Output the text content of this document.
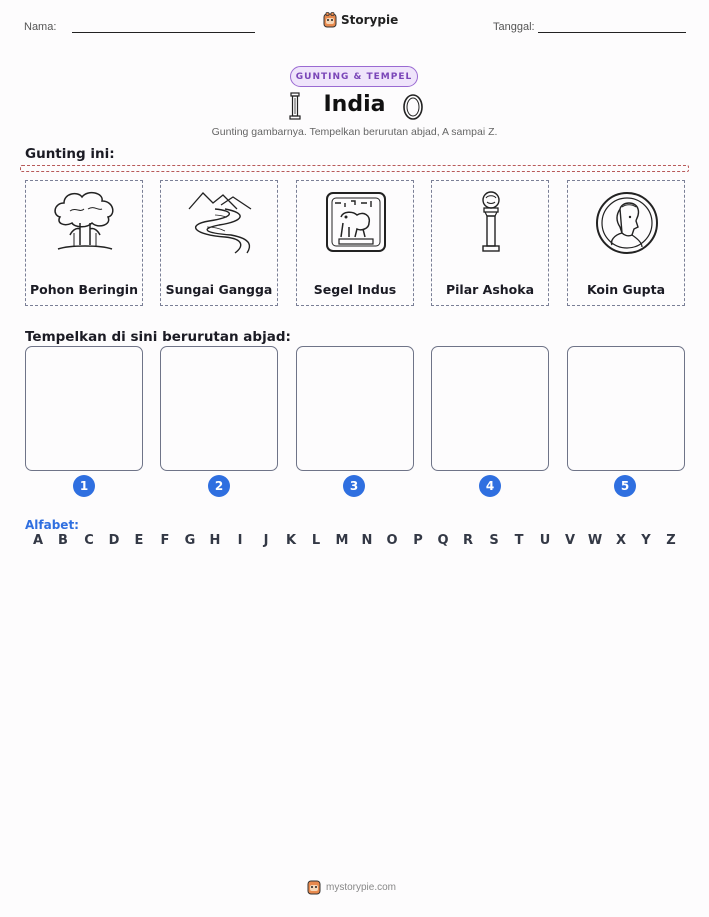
Nama:	Storypie	Tanggal:
GUNTING & TEMPEL
India
Gunting gambarnya. Tempelkan berurutan abjad, A sampai Z.
Gunting ini:
Pohon Beringin	Sungai Gangga	Segel Indus	Pilar Ashoka	Koin Gupta
Tempelkan di sini berurutan abjad:
1	2	3	4	5
Alfabet:
A	B	C	D	E	F	G	H	I	J	K	L	M	N	O	P	Q	R	S	T	U	V W	X	Y	Z
mystorypie.com
